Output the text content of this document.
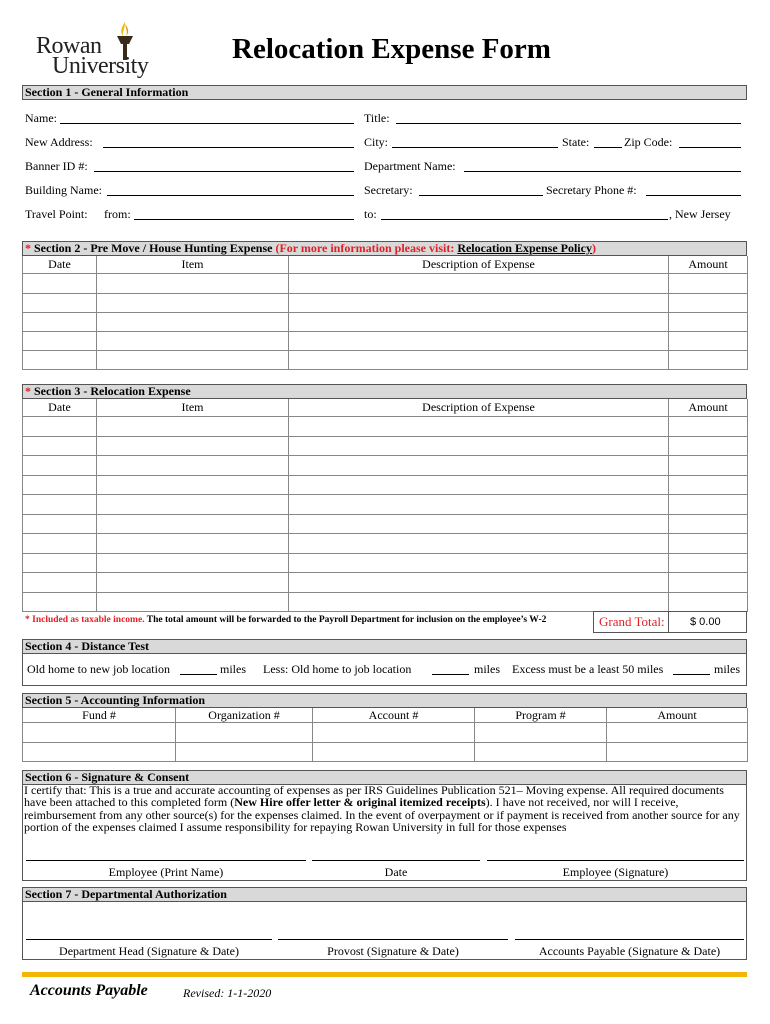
Rowan
University
Relocation Expense Form
Section 1 - General Information
Name:	Title:
New Address:	City:	State:	Zip Code:
Banner ID #:	Department Name:
Building Name:	Secretary:	Secretary Phone #:
Travel Point: from:	to:	, New Jersey
* Section 2 - Pre Move / House Hunting Expense (For more information please visit: Relocation Expense Policy)
Date	Item	Description of Expense	Amount

* Section 3 - Relocation Expense
Date	Item	Description of Expense	Amount

* Included as taxable income. The total amount will be forwarded to the Payroll Department for inclusion on the employee’s W-2	Grand Total: $ 0.00
Section 4 - Distance Test
Old home to new job location	miles Less: Old home to job location	miles Excess must be a least 50 miles	miles
Section 5 - Accounting Information
Fund #	Organization #	Account #	Program #	Amount

Section 6 - Signature & Consent
I certify that: This is a true and accurate accounting of expenses as per IRS Guidelines Publication 521– Moving expense. All required documents have been attached to this completed form (New Hire offer letter & original itemized receipts). I have not received, nor will I receive, reimbursement from any other source(s) for the expenses claimed. In the event of overpayment or if payment is received from another source for any portion of the expenses claimed I assume responsibility for repaying Rowan University in full for those expenses
Employee (Print Name)	Date	Employee (Signature)
Section 7 - Departmental Authorization
Department Head (Signature & Date)	Provost (Signature & Date)	Accounts Payable (Signature & Date)
Accounts Payable	Revised: 1-1-2020
